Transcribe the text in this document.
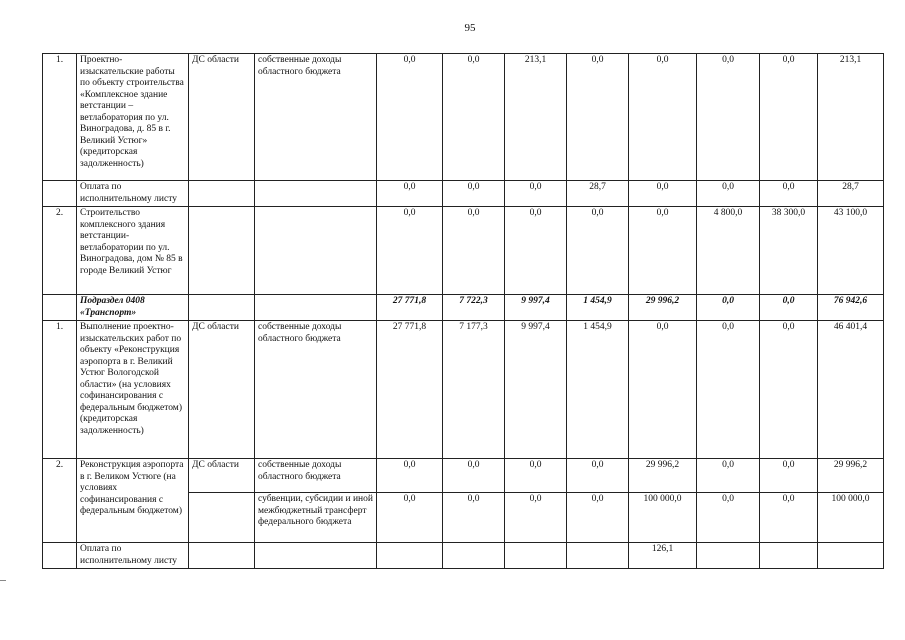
95
1.	Проектно-изыскательские работы по объекту строительства «Комплексное здание ветстанции – ветлаборатория по ул. Виноградова, д. 85 в г. Великий Устюг» (кредиторская задолженность)	ДС области	собственные доходы областного бюджета	0,0	0,0	213,1	0,0	0,0	0,0	0,0	213,1
	Оплата по исполнительному листу			0,0	0,0	0,0	28,7	0,0	0,0	0,0	28,7
2.	Строительство комплексного здания ветстанции-ветлаборатории по ул. Виноградова, дом № 85 в городе Великий Устюг			0,0	0,0	0,0	0,0	0,0	4 800,0	38 300,0	43 100,0
	Подраздел 0408 «Транспорт»			27 771,8	7 722,3	9 997,4	1 454,9	29 996,2	0,0	0,0	76 942,6
1.	Выполнение проектно-изыскательских работ по объекту «Реконструкция аэропорта в г. Великий Устюг Вологодской области» (на условиях софинансирования с федеральным бюджетом) (кредиторская задолженность)	ДС области	собственные доходы областного бюджета	27 771,8	7 177,3	9 997,4	1 454,9	0,0	0,0	0,0	46 401,4
2.	Реконструкция аэропорта в г. Великом Устюге (на условиях софинансирования с федеральным бюджетом)	ДС области	собственные доходы областного бюджета	0,0	0,0	0,0	0,0	29 996,2	0,0	0,0	29 996,2
			субвенции, субсидии и иной межбюджетный трансферт федерального бюджета	0,0	0,0	0,0	0,0	100 000,0	0,0	0,0	100 000,0
	Оплата по исполнительному листу							126,1			
